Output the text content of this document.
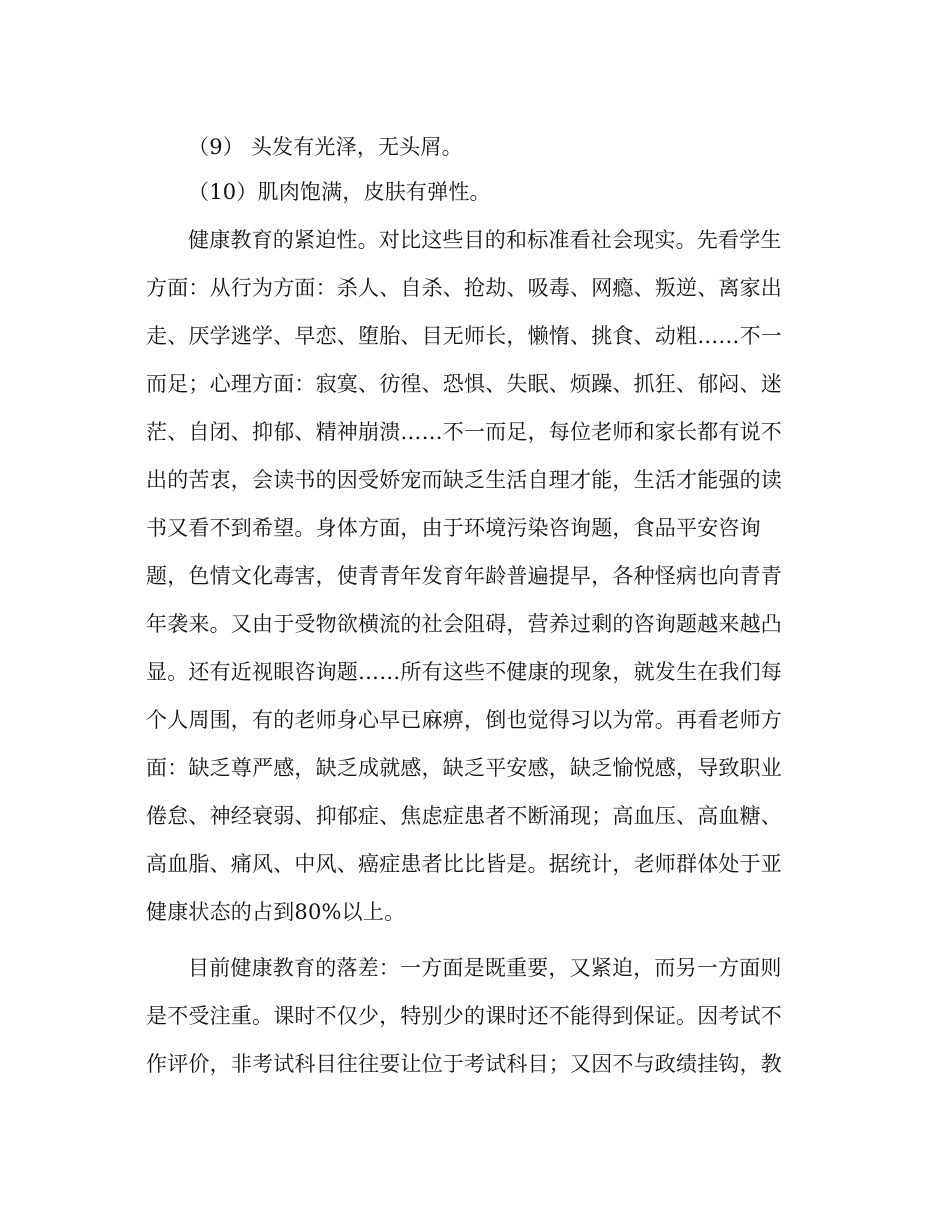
（9） 头发有光泽，无头屑。
（10）肌肉饱满，皮肤有弹性。
健康教育的紧迫性。对比这些目的和标准看社会现实。先看学生
方面：从行为方面：杀人、自杀、抢劫、吸毒、网瘾、叛逆、离家出
走、厌学逃学、早恋、堕胎、目无师长，懒惰、挑食、动粗……不一
而足；心理方面：寂寞、彷徨、恐惧、失眠、烦躁、抓狂、郁闷、迷
茫、自闭、抑郁、精神崩溃……不一而足，每位老师和家长都有说不
出的苦衷，会读书的因受娇宠而缺乏生活自理才能，生活才能强的读
书又看不到希望。身体方面，由于环境污染咨询题，食品平安咨询
题，色情文化毒害，使青青年发育年龄普遍提早，各种怪病也向青青
年袭来。又由于受物欲横流的社会阻碍，营养过剩的咨询题越来越凸
显。还有近视眼咨询题……所有这些不健康的现象，就发生在我们每
个人周围，有的老师身心早已麻痹，倒也觉得习以为常。再看老师方
面：缺乏尊严感，缺乏成就感，缺乏平安感，缺乏愉悦感，导致职业
倦怠、神经衰弱、抑郁症、焦虑症患者不断涌现；高血压、高血糖、
高血脂、痛风、中风、癌症患者比比皆是。据统计，老师群体处于亚
健康状态的占到80%以上。
目前健康教育的落差：一方面是既重要，又紧迫，而另一方面则
是不受注重。课时不仅少，特别少的课时还不能得到保证。因考试不
作评价，非考试科目往往要让位于考试科目；又因不与政绩挂钩，教
